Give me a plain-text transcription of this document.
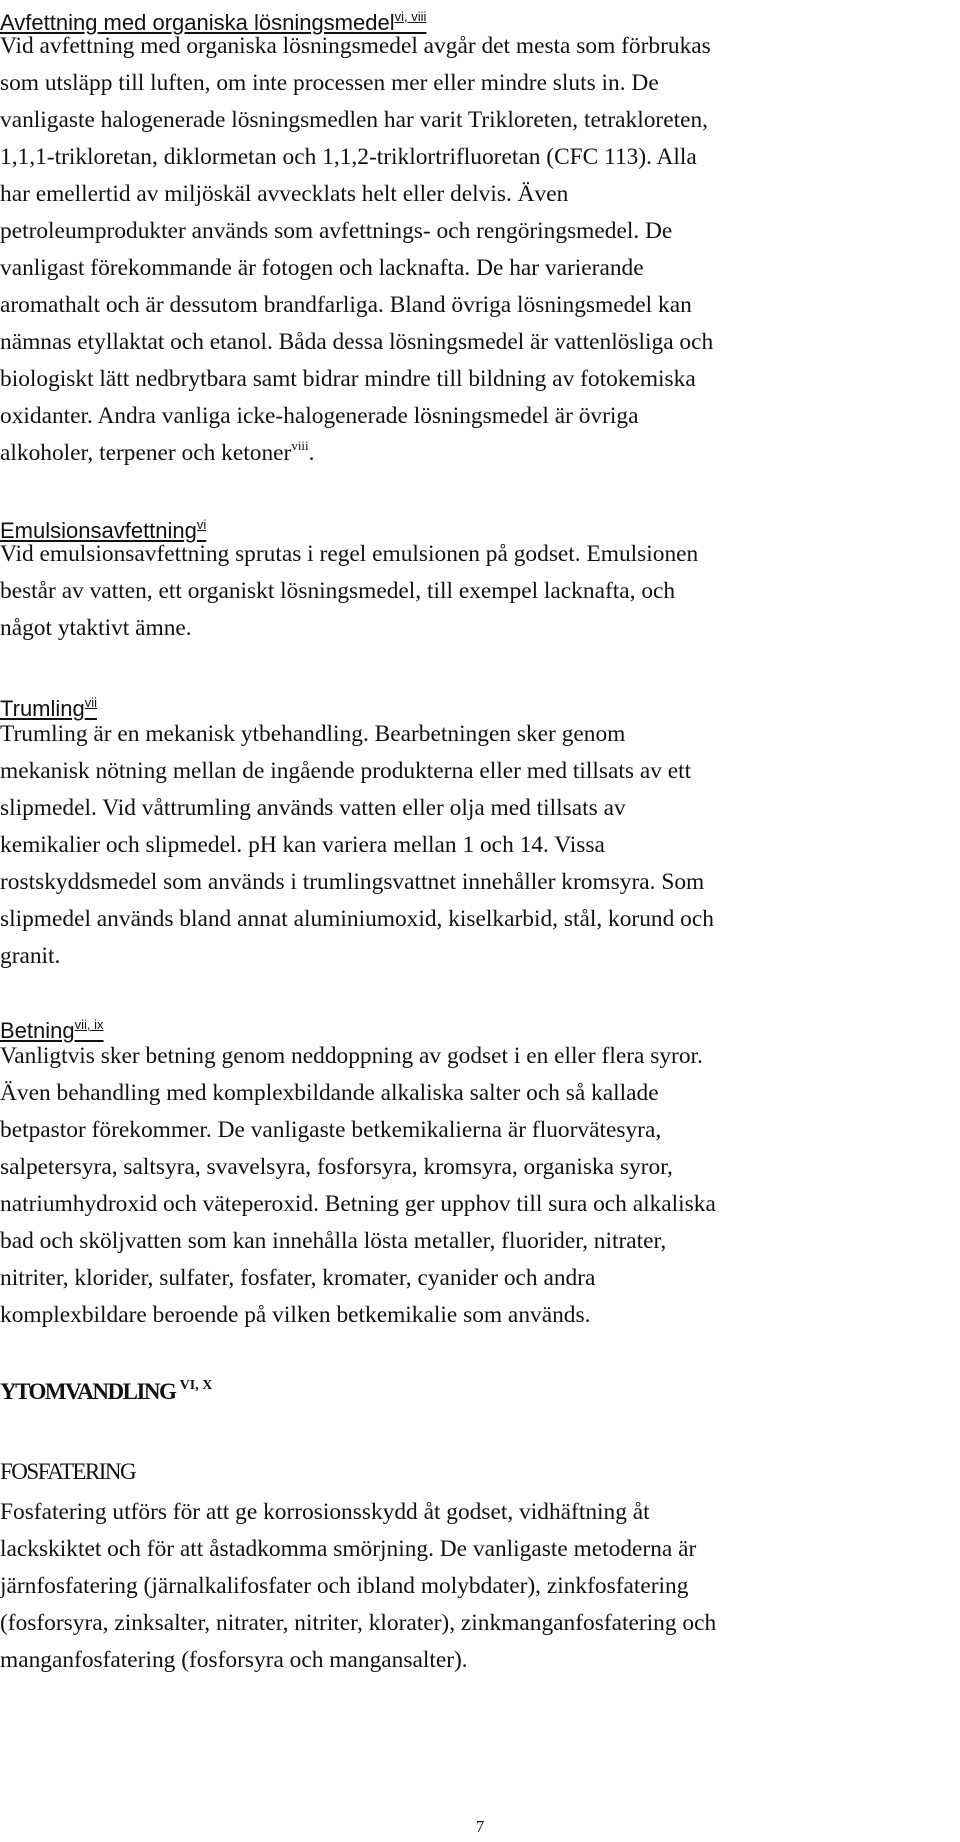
Avfettning med organiska lösningsmedel$^{vi, viii}$
Vid avfettning med organiska lösningsmedel avgår det mesta som förbrukas
som utsläpp till luften, om inte processen mer eller mindre sluts in. De
vanligaste halogenerade lösningsmedlen har varit Trikloreten, tetrakloreten,
1,1,1-trikloretan, diklormetan och 1,1,2-triklortrifluoretan (CFC 113). Alla
har emellertid av miljöskäl avvecklats helt eller delvis. Även
petroleumprodukter används som avfettnings- och rengöringsmedel. De
vanligast förekommande är fotogen och lacknafta. De har varierande
aromathalt och är dessutom brandfarliga. Bland övriga lösningsmedel kan
nämnas etyllaktat och etanol. Båda dessa lösningsmedel är vattenlösliga och
biologiskt lätt nedbrytbara samt bidrar mindre till bildning av fotokemiska
oxidanter. Andra vanliga icke-halogenerade lösningsmedel är övriga
alkoholer, terpener och ketoner$^{viii}$.
Emulsionsavfettning$^{vi}$
Vid emulsionsavfettning sprutas i regel emulsionen på godset. Emulsionen
består av vatten, ett organiskt lösningsmedel, till exempel lacknafta, och
något ytaktivt ämne.
Trumling$^{vii}$
Trumling är en mekanisk ytbehandling. Bearbetningen sker genom
mekanisk nötning mellan de ingående produkterna eller med tillsats av ett
slipmedel. Vid våttrumling används vatten eller olja med tillsats av
kemikalier och slipmedel. pH kan variera mellan 1 och 14. Vissa
rostskyddsmedel som används i trumlingsvattnet innehåller kromsyra. Som
slipmedel används bland annat aluminiumoxid, kiselkarbid, stål, korund och
granit.
Betning$^{vii, ix}$
Vanligtvis sker betning genom neddoppning av godset i en eller flera syror.
Även behandling med komplexbildande alkaliska salter och så kallade
betpastor förekommer. De vanligaste betkemikalierna är fluorvätesyra,
salpetersyra, saltsyra, svavelsyra, fosforsyra, kromsyra, organiska syror,
natriumhydroxid och väteperoxid. Betning ger upphov till sura och alkaliska
bad och sköljvatten som kan innehålla lösta metaller, fluorider, nitrater,
nitriter, klorider, sulfater, fosfater, kromater, cyanider och andra
komplexbildare beroende på vilken betkemikalie som används.
YTOMVANDLING $^{VI, X}$
FOSFATERING
Fosfatering utförs för att ge korrosionsskydd åt godset, vidhäftning åt
lackskiktet och för att åstadkomma smörjning. De vanligaste metoderna är
järnfosfatering (järnalkalifosfater och ibland molybdater), zinkfosfatering
(fosforsyra, zinksalter, nitrater, nitriter, klorater), zinkmanganfosfatering och
manganfosfatering (fosforsyra och mangansalter).
7
